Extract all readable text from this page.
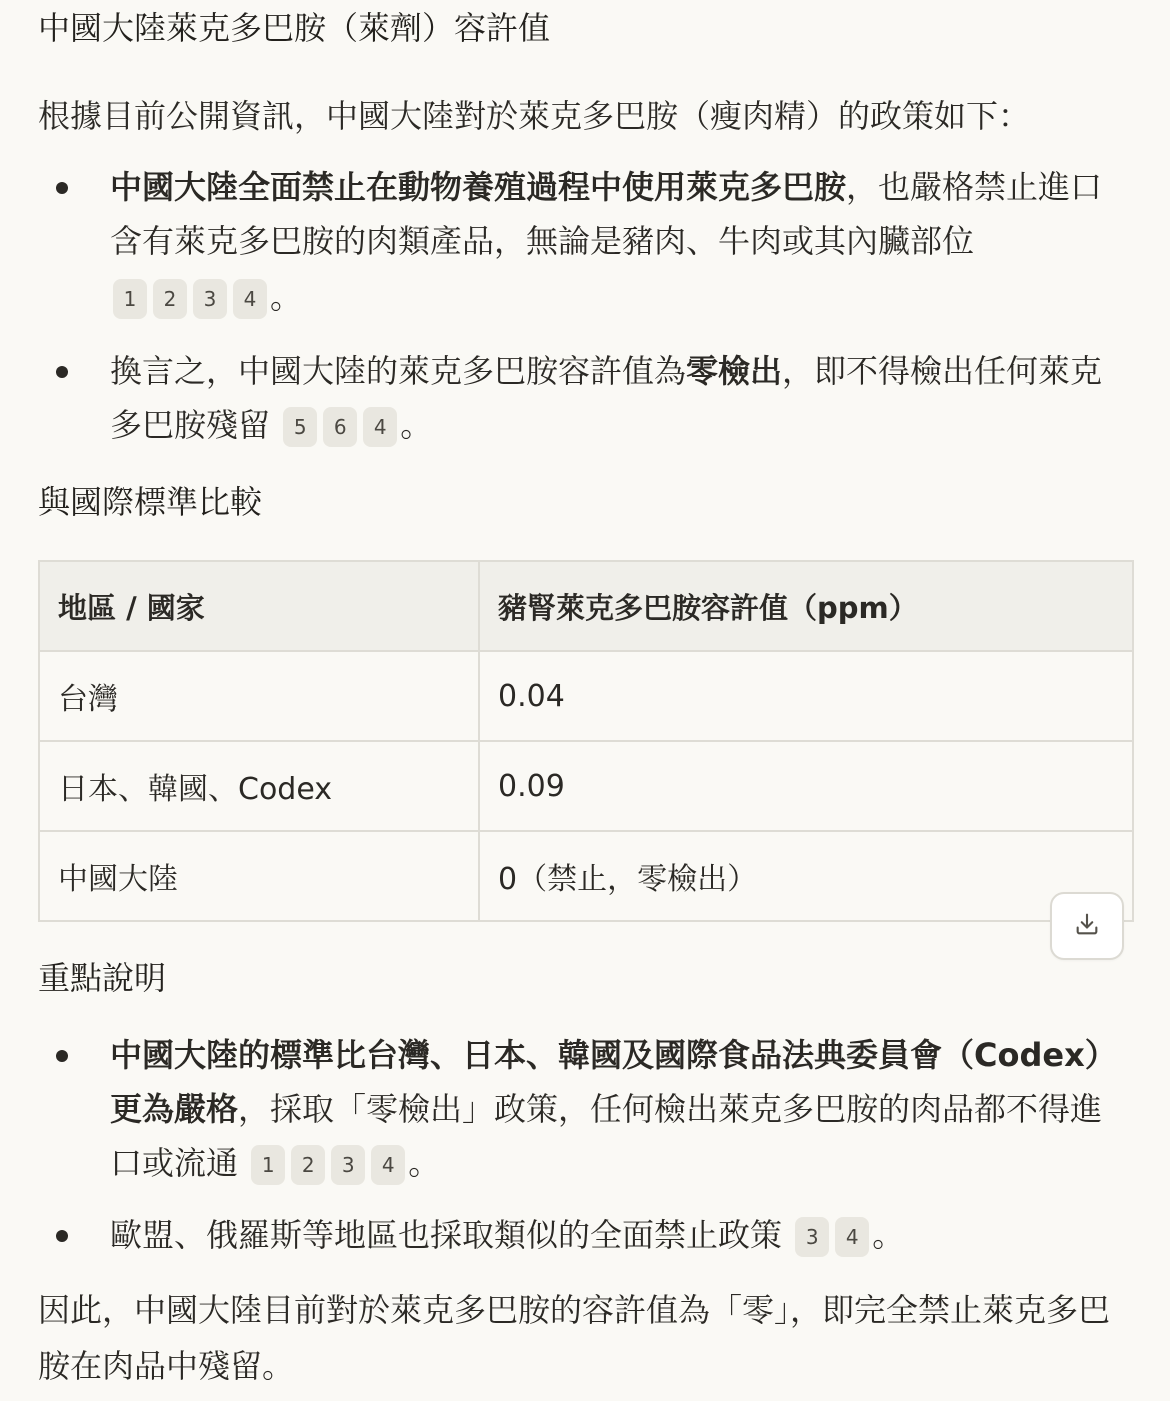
中國大陸萊克多巴胺（萊劑）容許值

根據目前公開資訊，中國大陸對於萊克多巴胺（瘦肉精）的政策如下：

中國大陸全面禁止在動物養殖過程中使用萊克多巴胺，也嚴格禁止進口含有萊克多巴胺的肉類產品，無論是豬肉、牛肉或其內臟部位
1 2 3 4 。
換言之，中國大陸的萊克多巴胺容許值為零檢出，即不得檢出任何萊克多巴胺殘留 5 6 4 。

與國際標準比較

地區 / 國家	豬腎萊克多巴胺容許值（ppm）
台灣	0.04
日本、韓國、Codex	0.09
中國大陸	0（禁止，零檢出）

重點說明

中國大陸的標準比台灣、日本、韓國及國際食品法典委員會（Codex）更為嚴格，採取「零檢出」政策，任何檢出萊克多巴胺的肉品都不得進口或流通 1 2 3 4 。
歐盟、俄羅斯等地區也採取類似的全面禁止政策 3 4 。

因此，中國大陸目前對於萊克多巴胺的容許值為「零」，即完全禁止萊克多巴胺在肉品中殘留。
